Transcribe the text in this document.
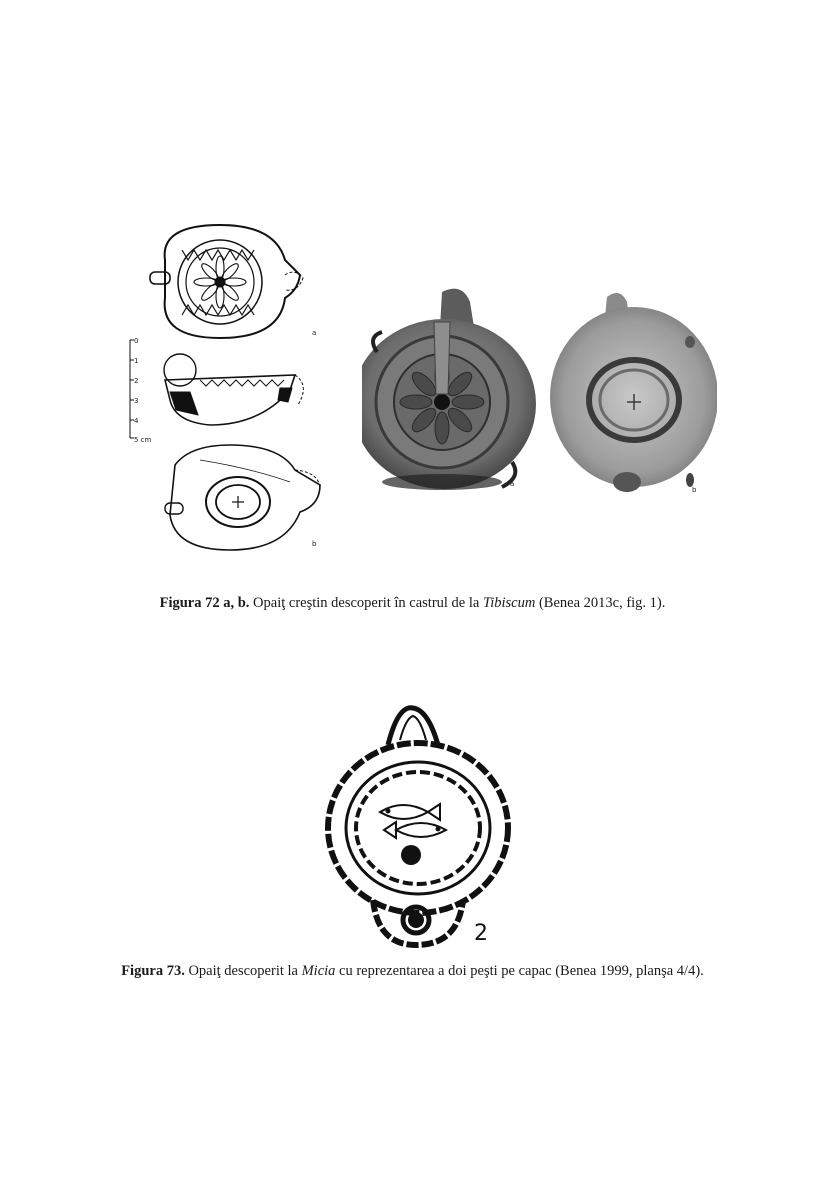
a
0
1
2
3
4
5 cm
b
a
b
Figura 72 a, b. Opaiţ creştin descoperit în castrul de la Tibiscum (Benea 2013c, fig. 1).
2
Figura 73. Opaiţ descoperit la Micia cu reprezentarea a doi peşti pe capac (Benea 1999, planşa 4/4).
